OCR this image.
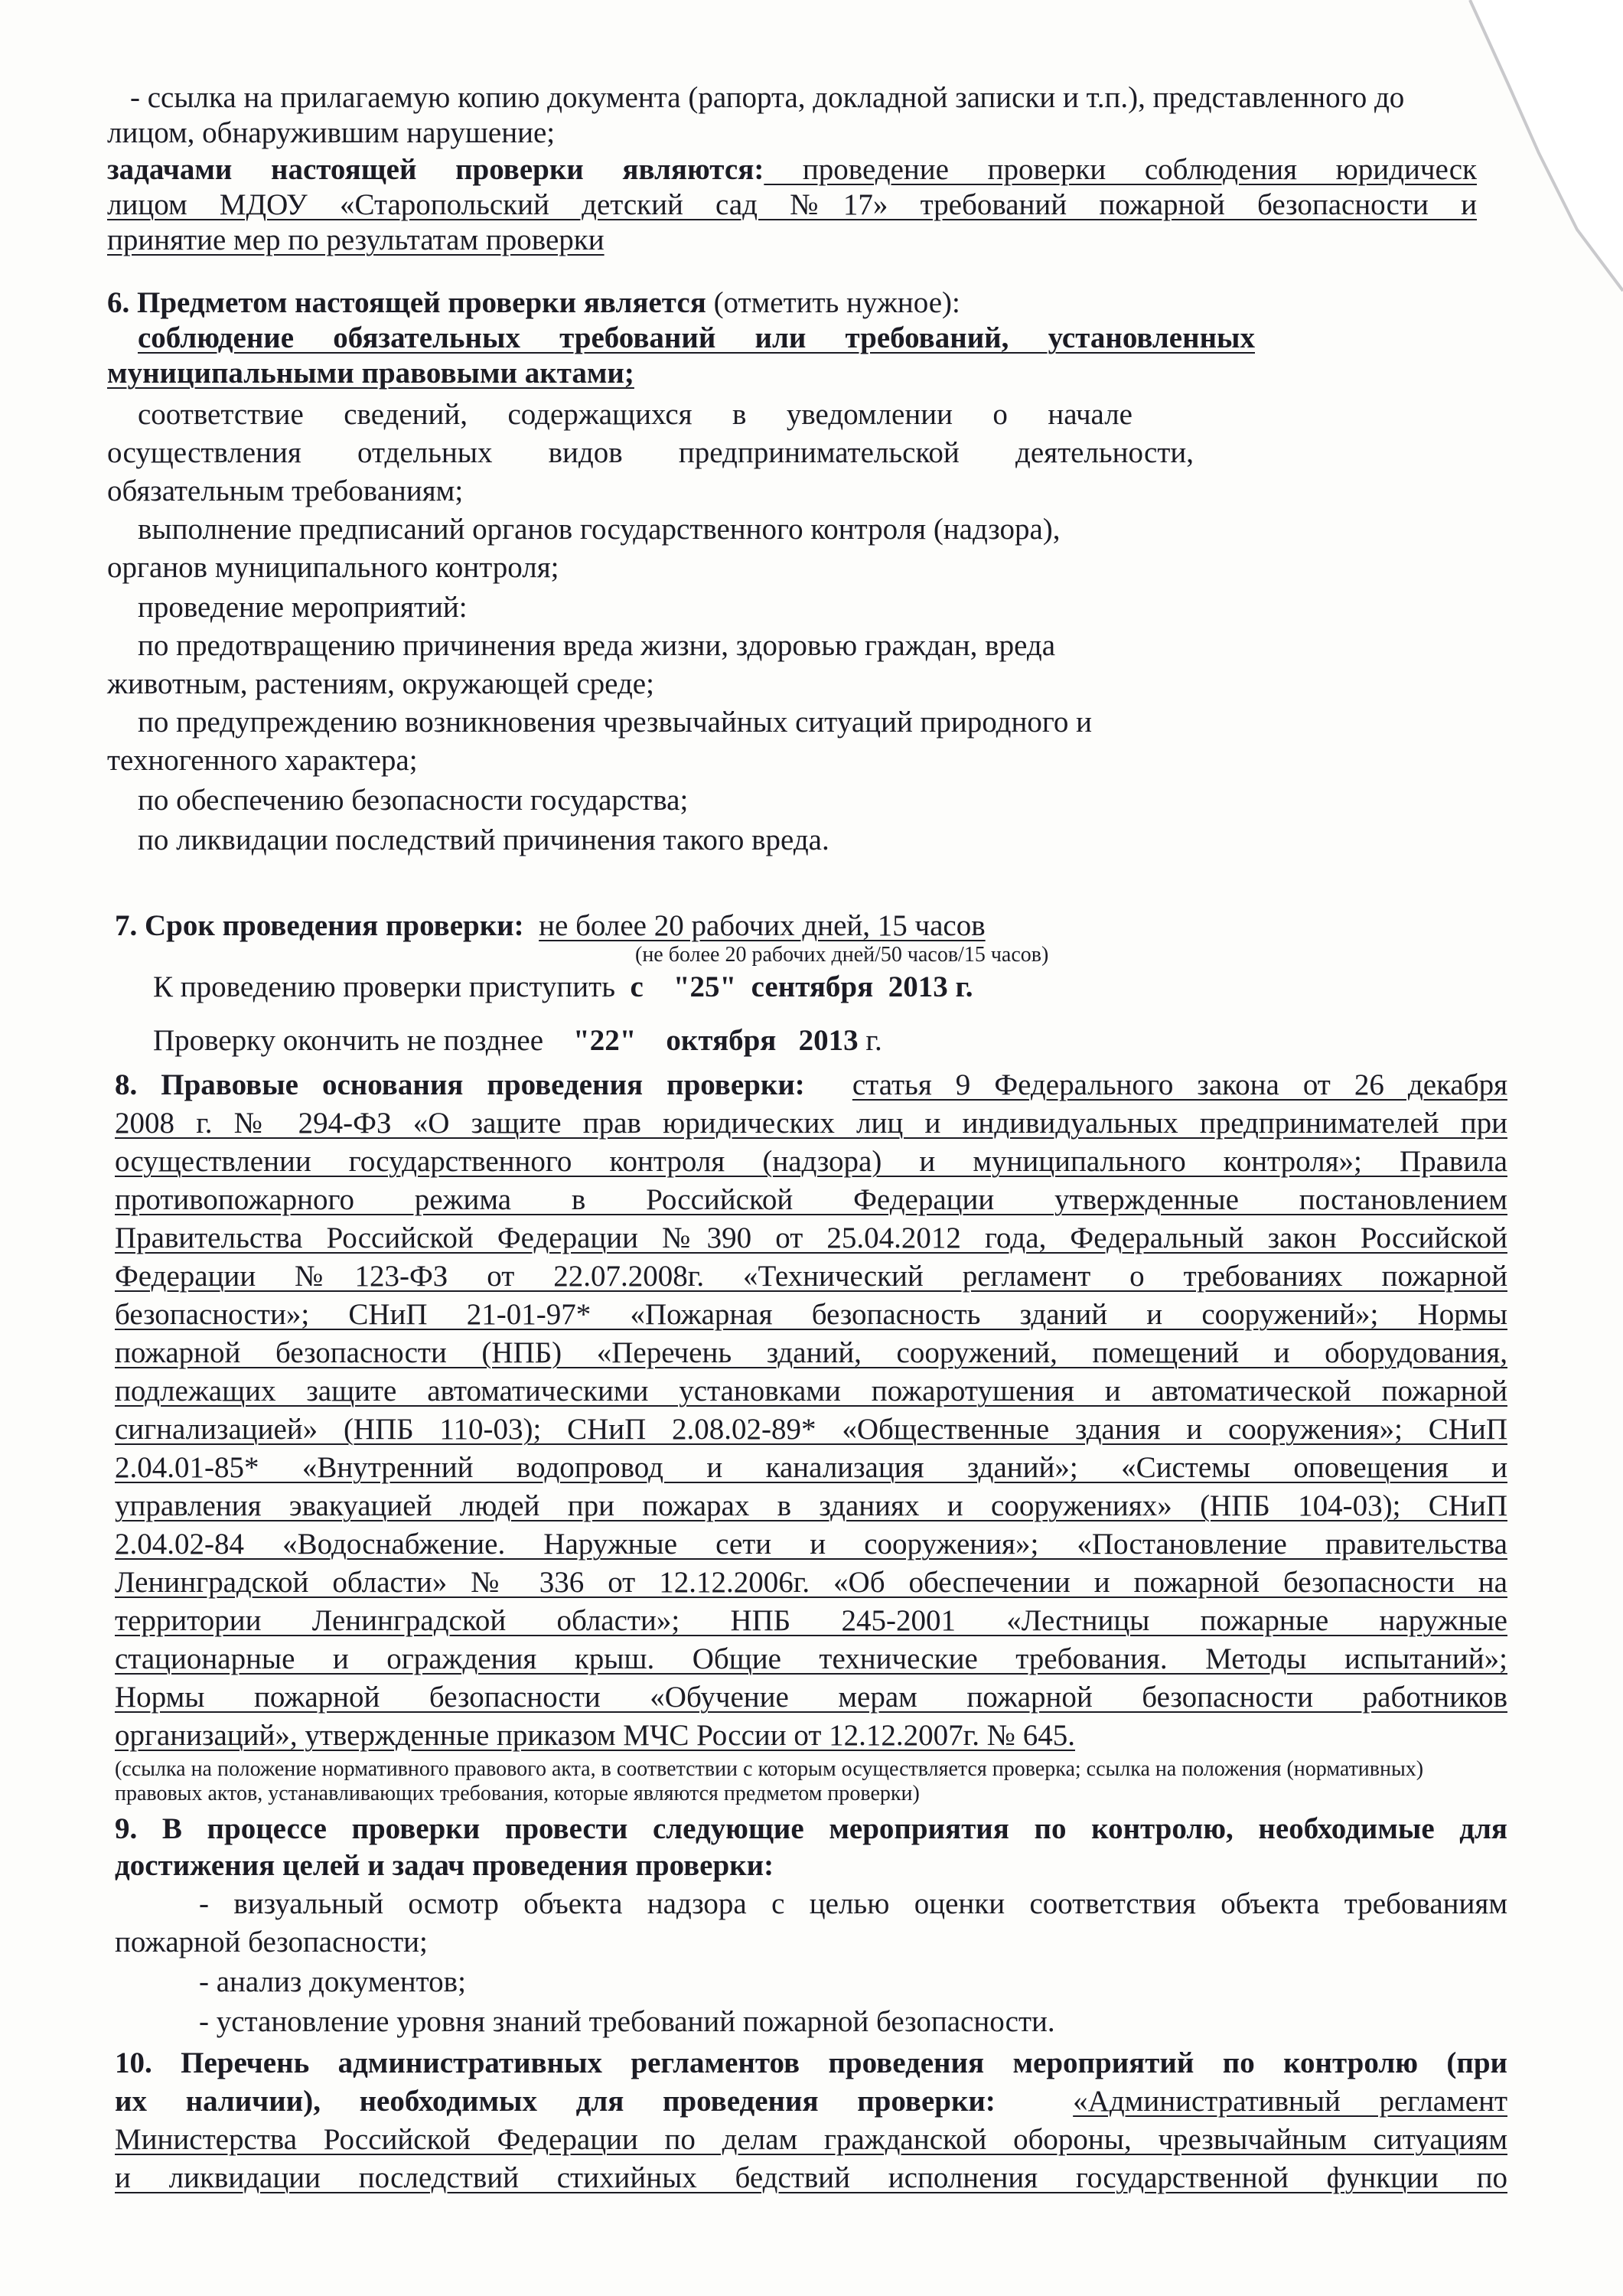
- ссылка на прилагаемую копию документа (рапорта, докладной записки и т.п.), представленного до
лицом, обнаружившим нарушение;
задачами настоящей проверки являются: проведение проверки соблюдения юридическ
лицом МДОУ «Старопольский детский сад №17» требований пожарной безопасности и
принятие мер по результатам проверки
6. Предметом настоящей проверки является (отметить нужное):
соблюдение обязательных требований или требований, установленных
муниципальными правовыми актами;
соответствие сведений, содержащихся в уведомлении о начале
осуществления отдельных видов предпринимательской деятельности,
обязательным требованиям;
выполнение предписаний органов государственного контроля (надзора),
органов муниципального контроля;
проведение мероприятий:
по предотвращению причинения вреда жизни, здоровью граждан, вреда
животным, растениям, окружающей среде;
по предупреждению возникновения чрезвычайных ситуаций природного и
техногенного характера;
по обеспечению безопасности государства;
по ликвидации последствий причинения такого вреда.
7. Срок проведения проверки: не более 20 рабочих дней, 15 часов
(не более 20 рабочих дней/50 часов/15 часов)
К проведению проверки приступить с "25" сентября 2013 г.
Проверку окончить не позднее "22" октября 2013 г.
8. Правовые основания проведения проверки: статья 9 Федерального закона от 26 декабря
2008 г. № 294-ФЗ «О защите прав юридических лиц и индивидуальных предпринимателей при
осуществлении государственного контроля (надзора) и муниципального контроля»; Правила
противопожарного режима в Российской Федерации утвержденные постановлением
Правительства Российской Федерации №390 от 25.04.2012 года, Федеральный закон Российской
Федерации №123-ФЗ от 22.07.2008г. «Технический регламент о требованиях пожарной
безопасности»; СНиП 21-01-97* «Пожарная безопасность зданий и сооружений»; Нормы
пожарной безопасности (НПБ) «Перечень зданий, сооружений, помещений и оборудования,
подлежащих защите автоматическими установками пожаротушения и автоматической пожарной
сигнализацией» (НПБ 110-03); СНиП 2.08.02-89* «Общественные здания и сооружения»; СНиП
2.04.01-85* «Внутренний водопровод и канализация зданий»; «Системы оповещения и
управления эвакуацией людей при пожарах в зданиях и сооружениях» (НПБ 104-03); СНиП
2.04.02-84 «Водоснабжение. Наружные сети и сооружения»; «Постановление правительства
Ленинградской области» № 336 от 12.12.2006г. «Об обеспечении и пожарной безопасности на
территории Ленинградской области»; НПБ 245-2001 «Лестницы пожарные наружные
стационарные и ограждения крыш. Общие технические требования. Методы испытаний»;
Нормы пожарной безопасности «Обучение мерам пожарной безопасности работников
организаций», утвержденные приказом МЧС России от 12.12.2007г. № 645.
(ссылка на положение нормативного правового акта, в соответствии с которым осуществляется проверка; ссылка на положения (нормативных)
правовых актов, устанавливающих требования, которые являются предметом проверки)
9. В процессе проверки провести следующие мероприятия по контролю, необходимые для
достижения целей и задач проведения проверки:
- визуальный осмотр объекта надзора с целью оценки соответствия объекта требованиям
пожарной безопасности;
- анализ документов;
- установление уровня знаний требований пожарной безопасности.
10. Перечень административных регламентов проведения мероприятий по контролю (при
их наличии), необходимых для проведения проверки:	«Административный регламент
Министерства Российской Федерации по делам гражданской обороны, чрезвычайным ситуациям
и ликвидации последствий стихийных бедствий исполнения государственной функции по
